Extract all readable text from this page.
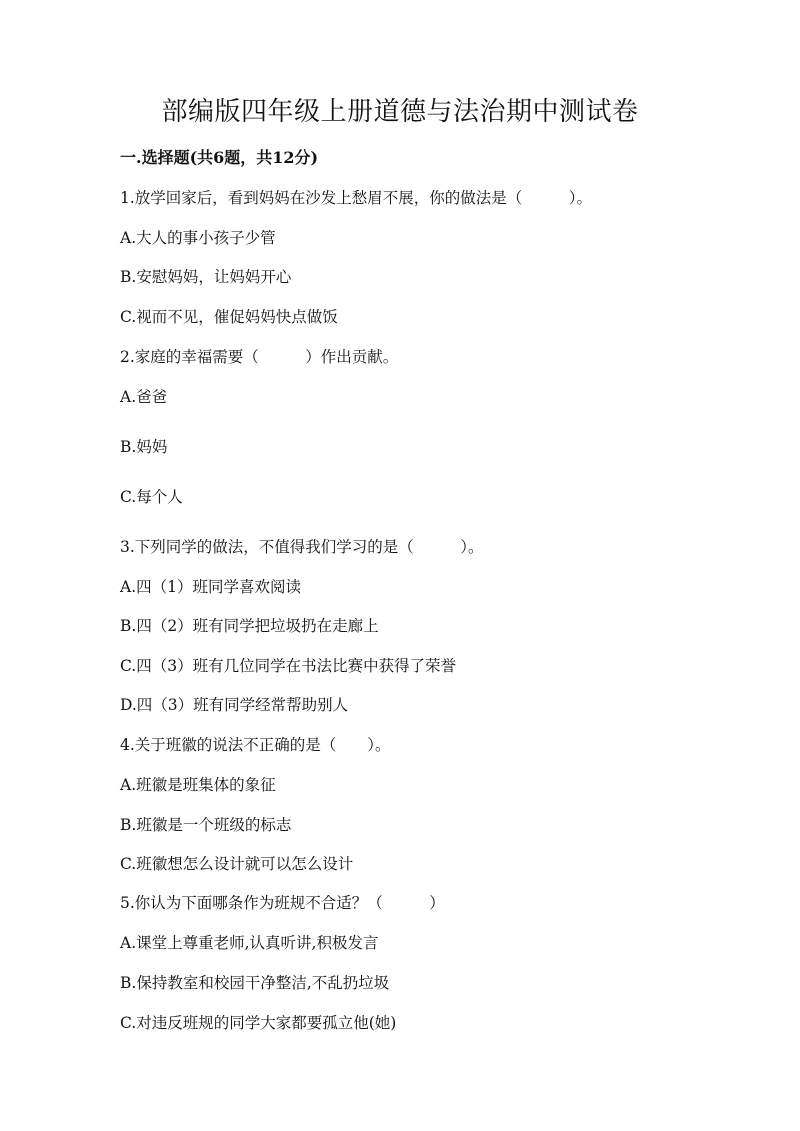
部编版四年级上册道德与法治期中测试卷
一.选择题(共6题，共12分)
1.放学回家后，看到妈妈在沙发上愁眉不展，你的做法是（　　　）。
A.大人的事小孩子少管
B.安慰妈妈，让妈妈开心
C.视而不见，催促妈妈快点做饭
2.家庭的幸福需要（　　　）作出贡献。
A.爸爸
B.妈妈
C.每个人
3.下列同学的做法，不值得我们学习的是（　　　）。
A.四（1）班同学喜欢阅读
B.四（2）班有同学把垃圾扔在走廊上
C.四（3）班有几位同学在书法比赛中获得了荣誉
D.四（3）班有同学经常帮助别人
4.关于班徽的说法不正确的是（　　）。
A.班徽是班集体的象征
B.班徽是一个班级的标志
C.班徽想怎么设计就可以怎么设计
5.你认为下面哪条作为班规不合适？（　　　）
A.课堂上尊重老师,认真听讲,积极发言
B.保持教室和校园干净整洁,不乱扔垃圾
C.对违反班规的同学大家都要孤立他(她)
